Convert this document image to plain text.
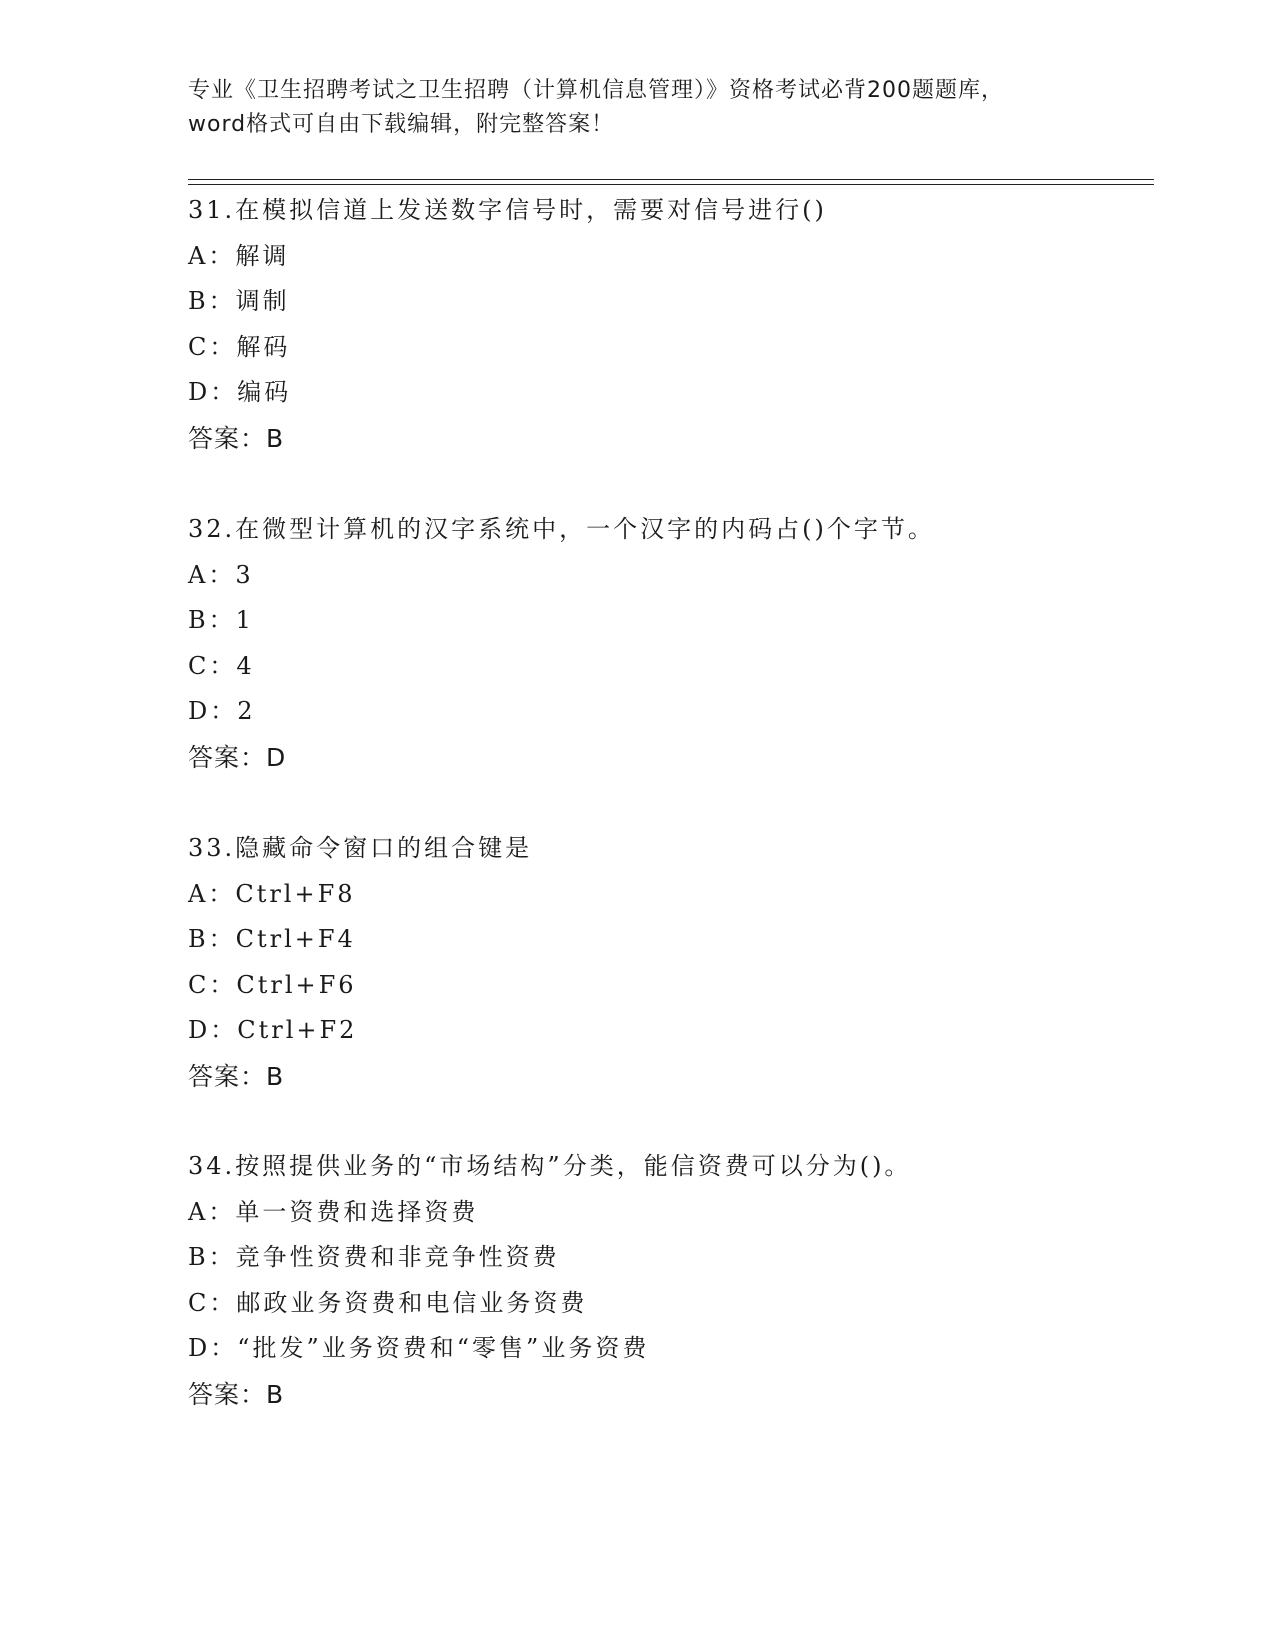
专业《卫生招聘考试之卫生招聘（计算机信息管理）》资格考试必背200题题库，
word格式可自由下载编辑，附完整答案！
31.在模拟信道上发送数字信号时，需要对信号进行()
A：解调
B：调制
C：解码
D：编码
答案：B
32.在微型计算机的汉字系统中，一个汉字的内码占()个字节。
A：3
B：1
C：4
D：2
答案：D
33.隐藏命令窗口的组合键是
A：Ctrl+F8
B：Ctrl+F4
C：Ctrl+F6
D：Ctrl+F2
答案：B
34.按照提供业务的“市场结构”分类，能信资费可以分为()。
A：单一资费和选择资费
B：竞争性资费和非竞争性资费
C：邮政业务资费和电信业务资费
D：“批发”业务资费和“零售”业务资费
答案：B
